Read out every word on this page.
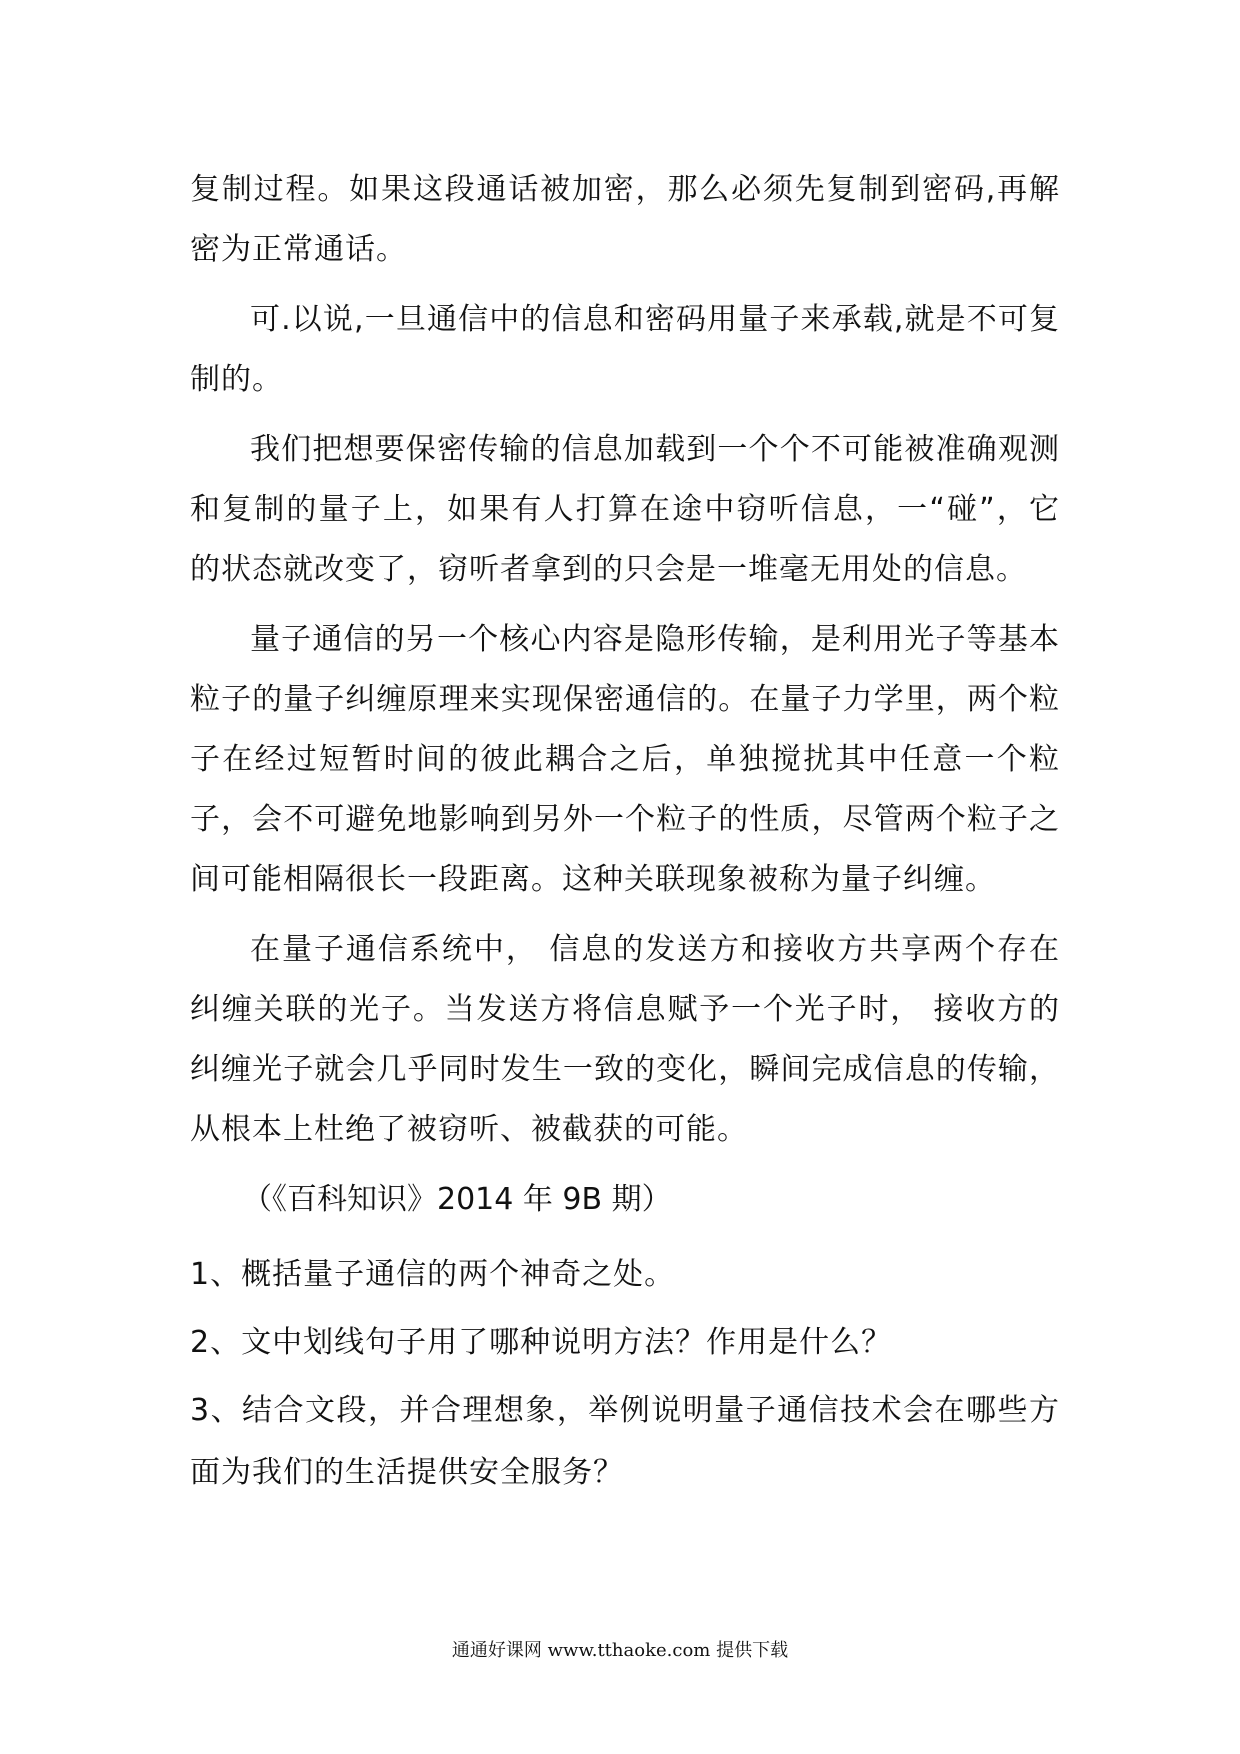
复制过程。如果这段通话被加密，那么必须先复制到密码,再解密为正常通话。

可.以说,一旦通信中的信息和密码用量子来承载,就是不可复制的。

我们把想要保密传输的信息加载到一个个不可能被准确观测和复制的量子上，如果有人打算在途中窃听信息，一“碰”，它的状态就改变了，窃听者拿到的只会是一堆毫无用处的信息。

量子通信的另一个核心内容是隐形传输，是利用光子等基本粒子的量子纠缠原理来实现保密通信的。在量子力学里，两个粒子在经过短暂时间的彼此耦合之后，单独搅扰其中任意一个粒子，会不可避免地影响到另外一个粒子的性质，尽管两个粒子之间可能相隔很长一段距离。这种关联现象被称为量子纠缠。

在量子通信系统中， 信息的发送方和接收方共享两个存在纠缠关联的光子。当发送方将信息赋予一个光子时， 接收方的纠缠光子就会几乎同时发生一致的变化，瞬间完成信息的传输，从根本上杜绝了被窃听、被截获的可能。

（《百科知识》2014 年 9B 期）

1、概括量子通信的两个神奇之处。

2、文中划线句子用了哪种说明方法？作用是什么？

3、结合文段，并合理想象，举例说明量子通信技术会在哪些方面为我们的生活提供安全服务？

通通好课网 www.tthaoke.com 提供下载
